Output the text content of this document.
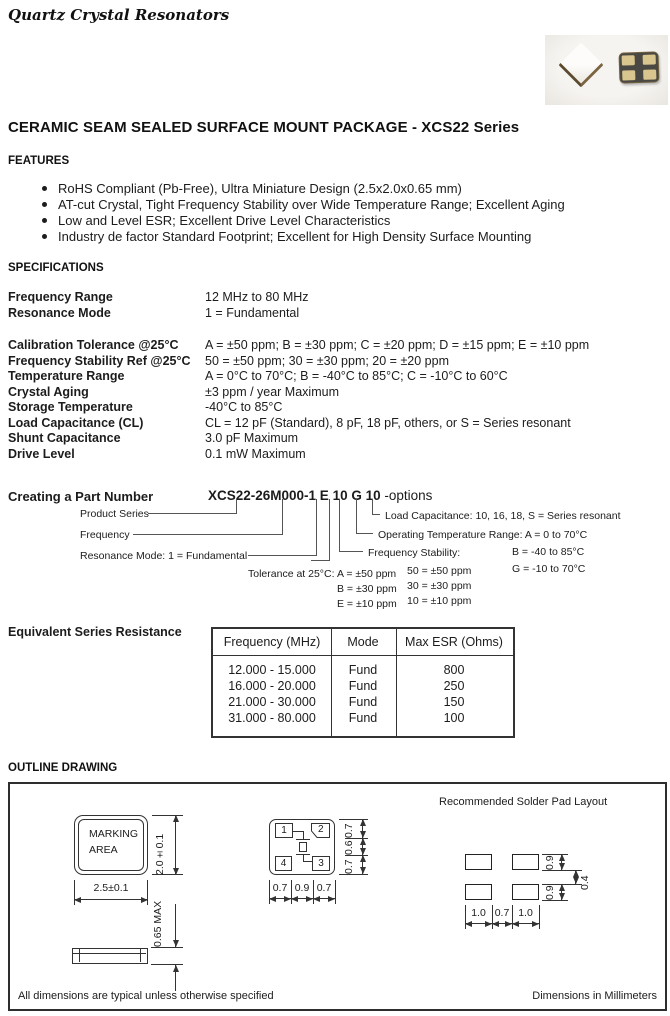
Quartz Crystal Resonators
CERAMIC SEAM SEALED SURFACE MOUNT PACKAGE - XCS22 Series
FEATURES
RoHS Compliant (Pb-Free), Ultra Miniature Design (2.5x2.0x0.65 mm)
AT-cut Crystal, Tight Frequency Stability over Wide Temperature Range; Excellent Aging
Low and Level ESR; Excellent Drive Level Characteristics
Industry de factor Standard Footprint; Excellent for High Density Surface Mounting
SPECIFICATIONS
Frequency Range	12 MHz to 80 MHz
Resonance Mode	1 = Fundamental
Calibration Tolerance @25°C	A = ±50 ppm; B = ±30 ppm; C = ±20 ppm; D = ±15 ppm; E = ±10 ppm
Frequency Stability Ref @25°C	50 = ±50 ppm; 30 = ±30 ppm; 20 = ±20 ppm
Temperature Range	A = 0°C to 70°C; B = -40°C to 85°C; C = -10°C to 60°C
Crystal Aging	±3 ppm / year Maximum
Storage Temperature	-40°C to 85°C
Load Capacitance (CL)	CL = 12 pF (Standard), 8 pF, 18 pF, others, or S = Series resonant
Shunt Capacitance	3.0 pF Maximum
Drive Level	0.1 mW Maximum
Creating a Part Number	XCS22-26M000-1 E 10 G 10 -options
Product Series
Frequency
Resonance Mode: 1 = Fundamental
Load Capacitance: 10, 16, 18, S = Series resonant
Operating Temperature Range: A = 0 to 70°C
B = -40 to 85°C
G = -10 to 70°C
Frequency Stability:
50 = ±50 ppm
30 = ±30 ppm
10 = ±10 ppm
Tolerance at 25°C: A = ±50 ppm
B = ±30 ppm
E = ±10 ppm
Equivalent Series Resistance
Frequency (MHz)	Mode	Max ESR (Ohms)
12.000 - 15.000	Fund	800
16.000 - 20.000	Fund	250
21.000 - 30.000	Fund	150
31.000 - 80.000	Fund	100
OUTLINE DRAWING
MARKING
AREA	2.0±0.1
2.5±0.1
0.65 MAX
1	2
4	3
0.7
0.6
0.7
0.7 0.9 0.7
Recommended Solder Pad Layout
0.9
0.4
0.9
1.0 0.7 1.0
All dimensions are typical unless otherwise specified	Dimensions in Millimeters
